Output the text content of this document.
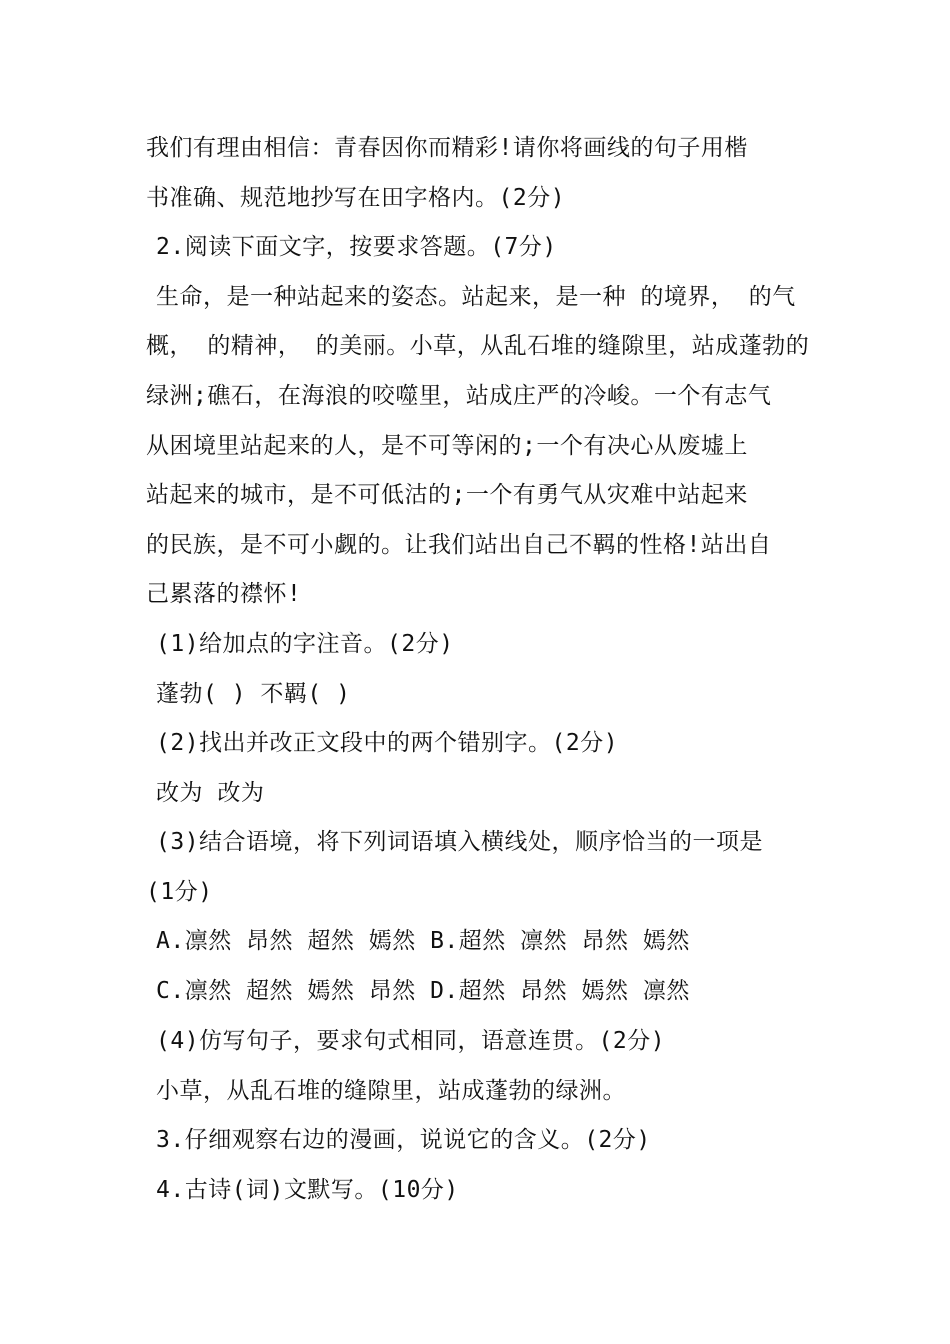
我们有理由相信：青春因你而精彩!请你将画线的句子用楷
书准确、规范地抄写在田字格内。(2分)
2.阅读下面文字，按要求答题。(7分)
生命，是一种站起来的姿态。站起来，是一种 的境界， 的气
概， 的精神， 的美丽。小草，从乱石堆的缝隙里，站成蓬勃的
绿洲;礁石，在海浪的咬噬里，站成庄严的冷峻。一个有志气
从困境里站起来的人，是不可等闲的;一个有决心从废墟上
站起来的城市，是不可低沽的;一个有勇气从灾难中站起来
的民族，是不可小觑的。让我们站出自己不羁的性格!站出自
己累落的襟怀!
(1)给加点的字注音。(2分)
蓬勃( ) 不羁( )
(2)找出并改正文段中的两个错别字。(2分)
改为 改为
(3)结合语境，将下列词语填入横线处，顺序恰当的一项是
(1分)
A.凛然 昂然 超然 嫣然 B.超然 凛然 昂然 嫣然
C.凛然 超然 嫣然 昂然 D.超然 昂然 嫣然 凛然
(4)仿写句子，要求句式相同，语意连贯。(2分)
小草，从乱石堆的缝隙里，站成蓬勃的绿洲。
3.仔细观察右边的漫画，说说它的含义。(2分)
4.古诗(词)文默写。(10分)
